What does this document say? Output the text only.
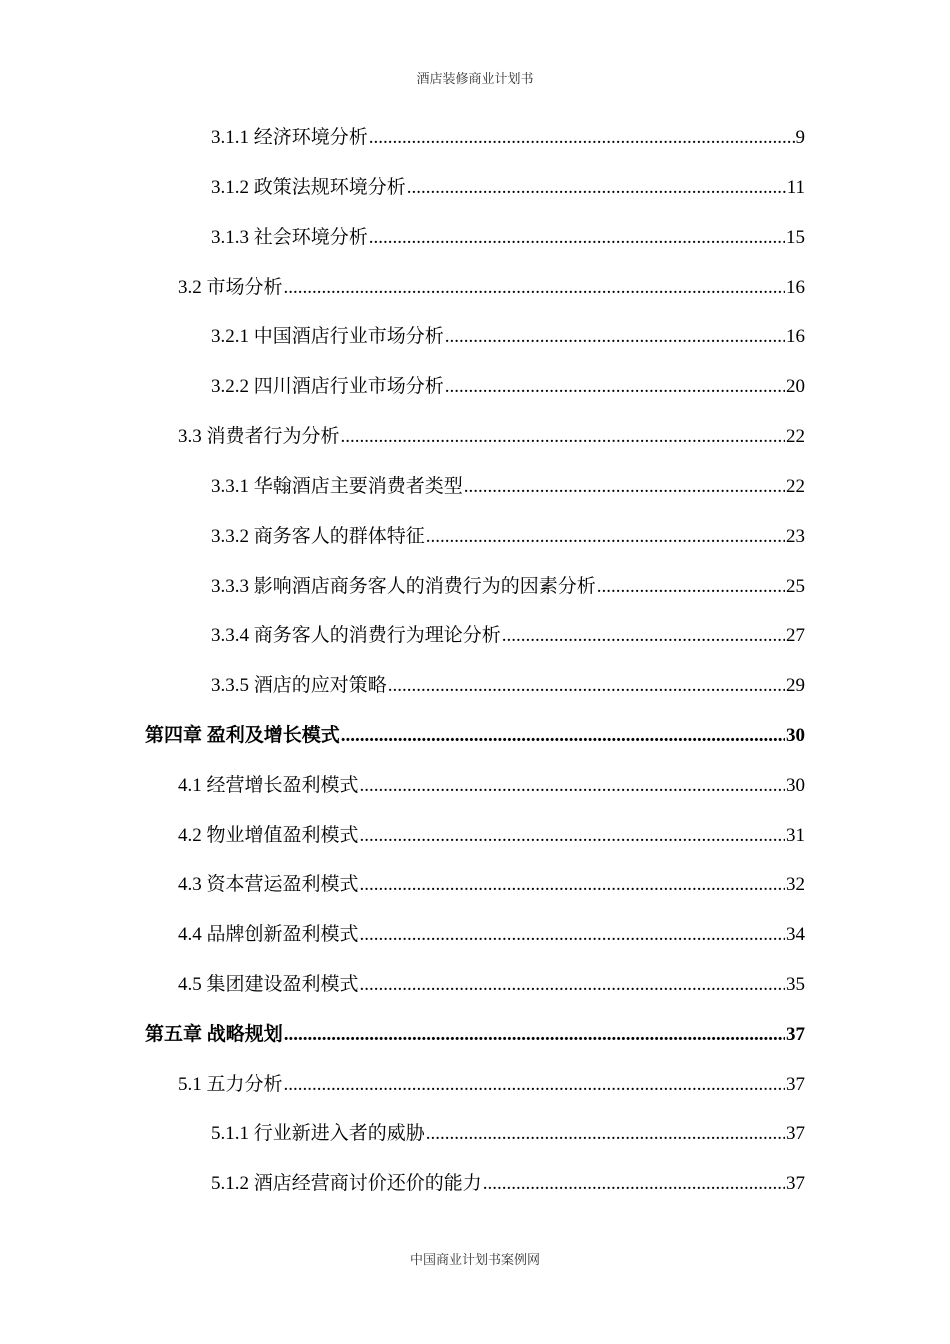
酒店装修商业计划书
3.1.1 经济环境分析 .....	9
3.1.2 政策法规环境分析 .....	11
3.1.3 社会环境分析 .....	15
3.2 市场分析 .....	16
3.2.1 中国酒店行业市场分析 .....	16
3.2.2 四川酒店行业市场分析 .....	20
3.3 消费者行为分析 .....	22
3.3.1 华翰酒店主要消费者类型 .....	22
3.3.2 商务客人的群体特征 .....	23
3.3.3 影响酒店商务客人的消费行为的因素分析 .....	25
3.3.4 商务客人的消费行为理论分析 .....	27
3.3.5 酒店的应对策略 .....	29
第四章 盈利及增长模式 .....	30
4.1 经营增长盈利模式 .....	30
4.2 物业增值盈利模式 .....	31
4.3 资本营运盈利模式 .....	32
4.4 品牌创新盈利模式 .....	34
4.5 集团建设盈利模式 .....	35
第五章 战略规划 .....	37
5.1 五力分析 .....	37
5.1.1 行业新进入者的威胁 .....	37
5.1.2 酒店经营商讨价还价的能力 .....	37
中国商业计划书案例网
